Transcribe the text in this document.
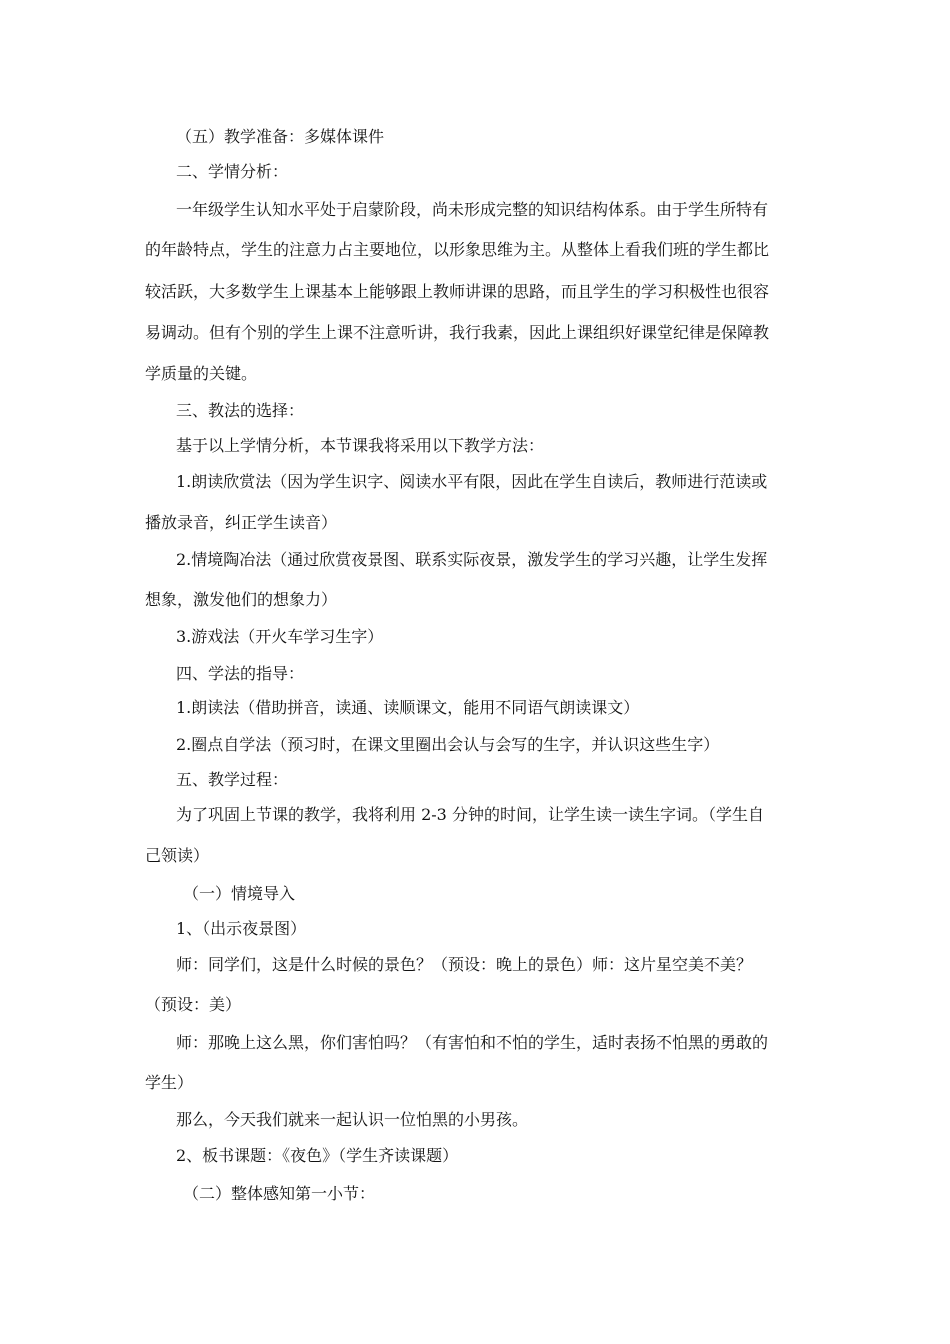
（五）教学准备：多媒体课件
二、学情分析：
一年级学生认知水平处于启蒙阶段，尚未形成完整的知识结构体系。由于学生所特有
的年龄特点，学生的注意力占主要地位，以形象思维为主。从整体上看我们班的学生都比
较活跃，大多数学生上课基本上能够跟上教师讲课的思路，而且学生的学习积极性也很容
易调动。但有个别的学生上课不注意听讲，我行我素，因此上课组织好课堂纪律是保障教
学质量的关键。
三、教法的选择：
基于以上学情分析，本节课我将采用以下教学方法：
1.朗读欣赏法（因为学生识字、阅读水平有限，因此在学生自读后，教师进行范读或
播放录音，纠正学生读音）
2.情境陶冶法（通过欣赏夜景图、联系实际夜景，激发学生的学习兴趣，让学生发挥
想象，激发他们的想象力）
3.游戏法（开火车学习生字）
四、学法的指导：
1.朗读法（借助拼音，读通、读顺课文，能用不同语气朗读课文）
2.圈点自学法（预习时，在课文里圈出会认与会写的生字，并认识这些生字）
五、教学过程：
为了巩固上节课的教学，我将利用 2-3 分钟的时间，让学生读一读生字词。（学生自
己领读）
（一）情境导入
1、（出示夜景图）
师：同学们，这是什么时候的景色？（预设：晚上的景色）师：这片星空美不美？
（预设：美）
师：那晚上这么黑，你们害怕吗？（有害怕和不怕的学生，适时表扬不怕黑的勇敢的
学生）
那么，今天我们就来一起认识一位怕黑的小男孩。
2、板书课题：《夜色》（学生齐读课题）
（二）整体感知第一小节：
